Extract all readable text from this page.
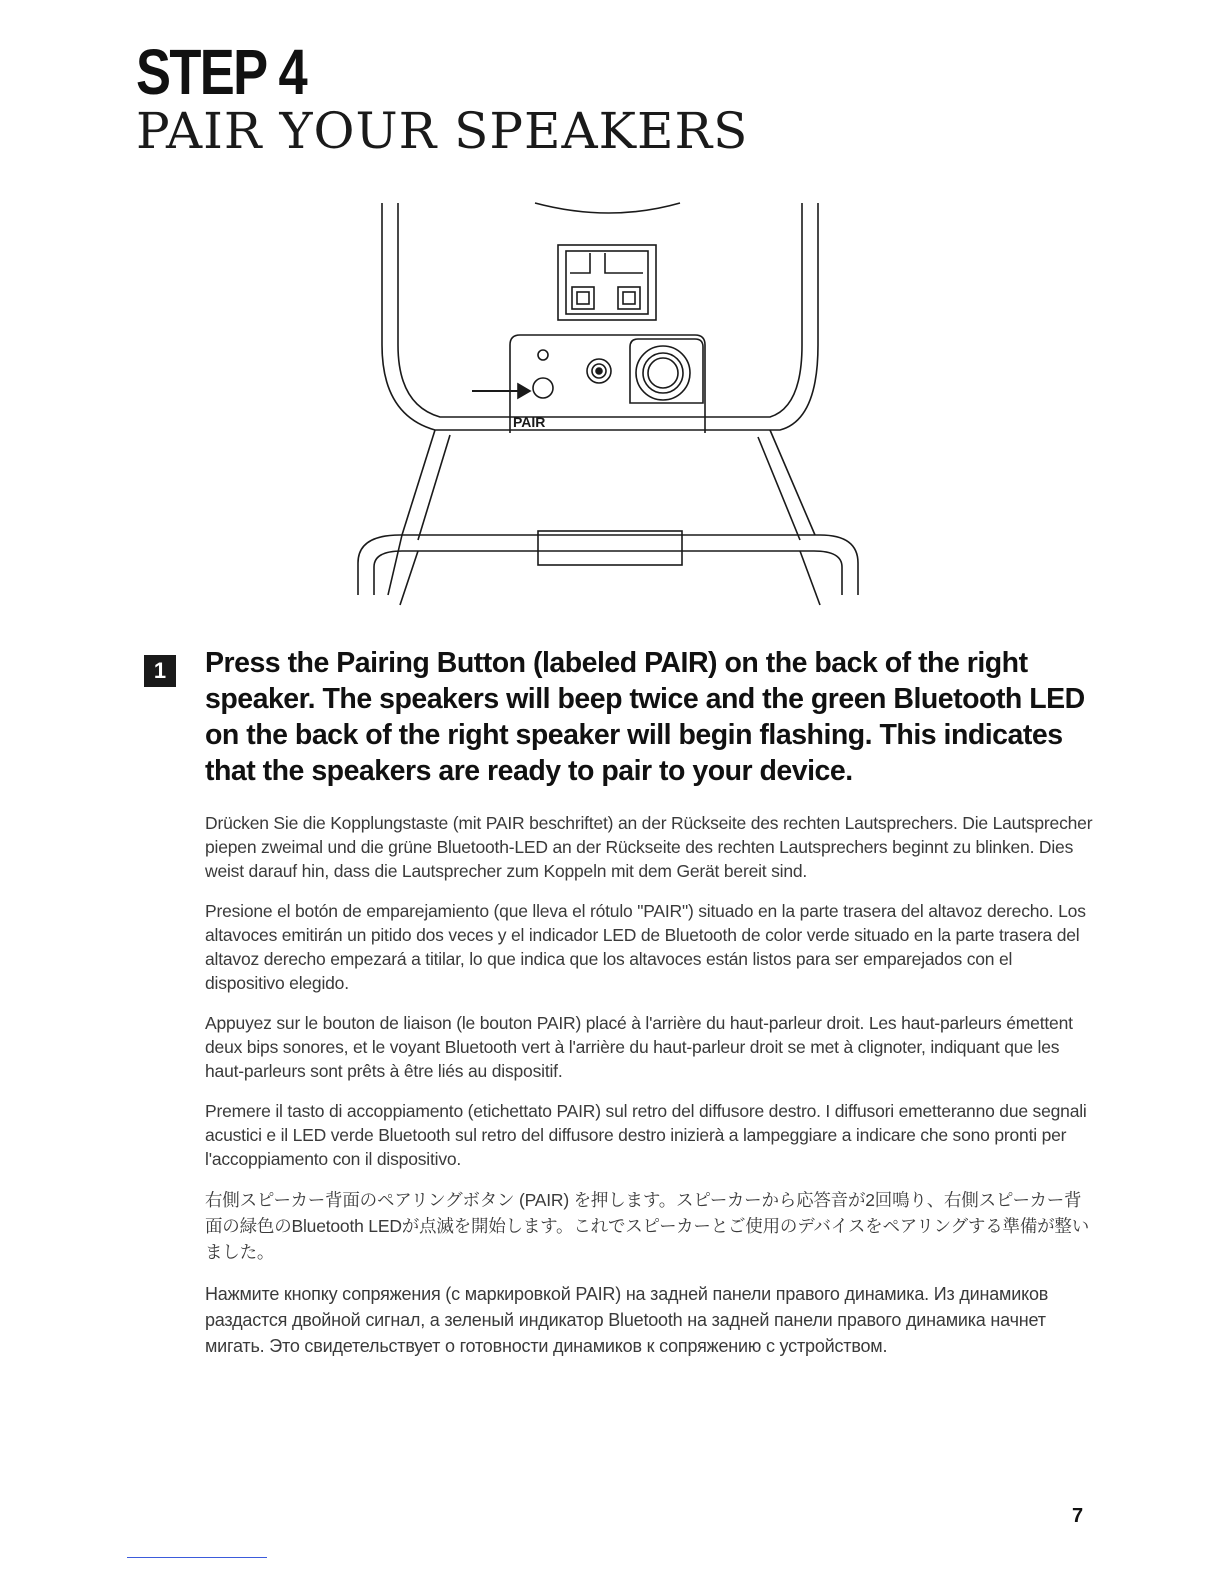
STEP 4
PAIR YOUR SPEAKERS
PAIR
1	Press the Pairing Button (labeled PAIR) on the back of the right speaker. The speakers will beep twice and the green Bluetooth LED on the back of the right speaker will begin flashing. This indicates that the speakers are ready to pair to your device.

Drücken Sie die Kopplungstaste (mit PAIR beschriftet) an der Rückseite des rechten Lautsprechers. Die Lautsprecher piepen zweimal und die grüne Bluetooth-LED an der Rückseite des rechten Lautsprechers beginnt zu blinken. Dies weist darauf hin, dass die Lautsprecher zum Koppeln mit dem Gerät bereit sind.

Presione el botón de emparejamiento (que lleva el rótulo "PAIR") situado en la parte trasera del altavoz derecho. Los altavoces emitirán un pitido dos veces y el indicador LED de Bluetooth de color verde situado en la parte trasera del altavoz derecho empezará a titilar, lo que indica que los altavoces están listos para ser emparejados con el dispositivo elegido.

Appuyez sur le bouton de liaison (le bouton PAIR) placé à l'arrière du haut-parleur droit. Les haut-parleurs émettent deux bips sonores, et le voyant Bluetooth vert à l'arrière du haut-parleur droit se met à clignoter, indiquant que les haut-parleurs sont prêts à être liés au dispositif.

Premere il tasto di accoppiamento (etichettato PAIR) sul retro del diffusore destro. I diffusori emetteranno due segnali acustici e il LED verde Bluetooth sul retro del diffusore destro inizierà a lampeggiare a indicare che sono pronti per l'accoppiamento con il dispositivo.

右側スピーカー背面のペアリングボタン (PAIR) を押します。スピーカーから応答音が2回鳴り、右側スピーカー背面の緑色のBluetooth LEDが点滅を開始します。これでスピーカーとご使用のデバイスをペアリングする準備が整いました。

Нажмите кнопку сопряжения (с маркировкой PAIR) на задней панели правого динамика. Из динамиков раздастся двойной сигнал, а зеленый индикатор Bluetooth на задней панели правого динамика начнет мигать. Это свидетельствует о готовности динамиков к сопряжению с устройством.

7
